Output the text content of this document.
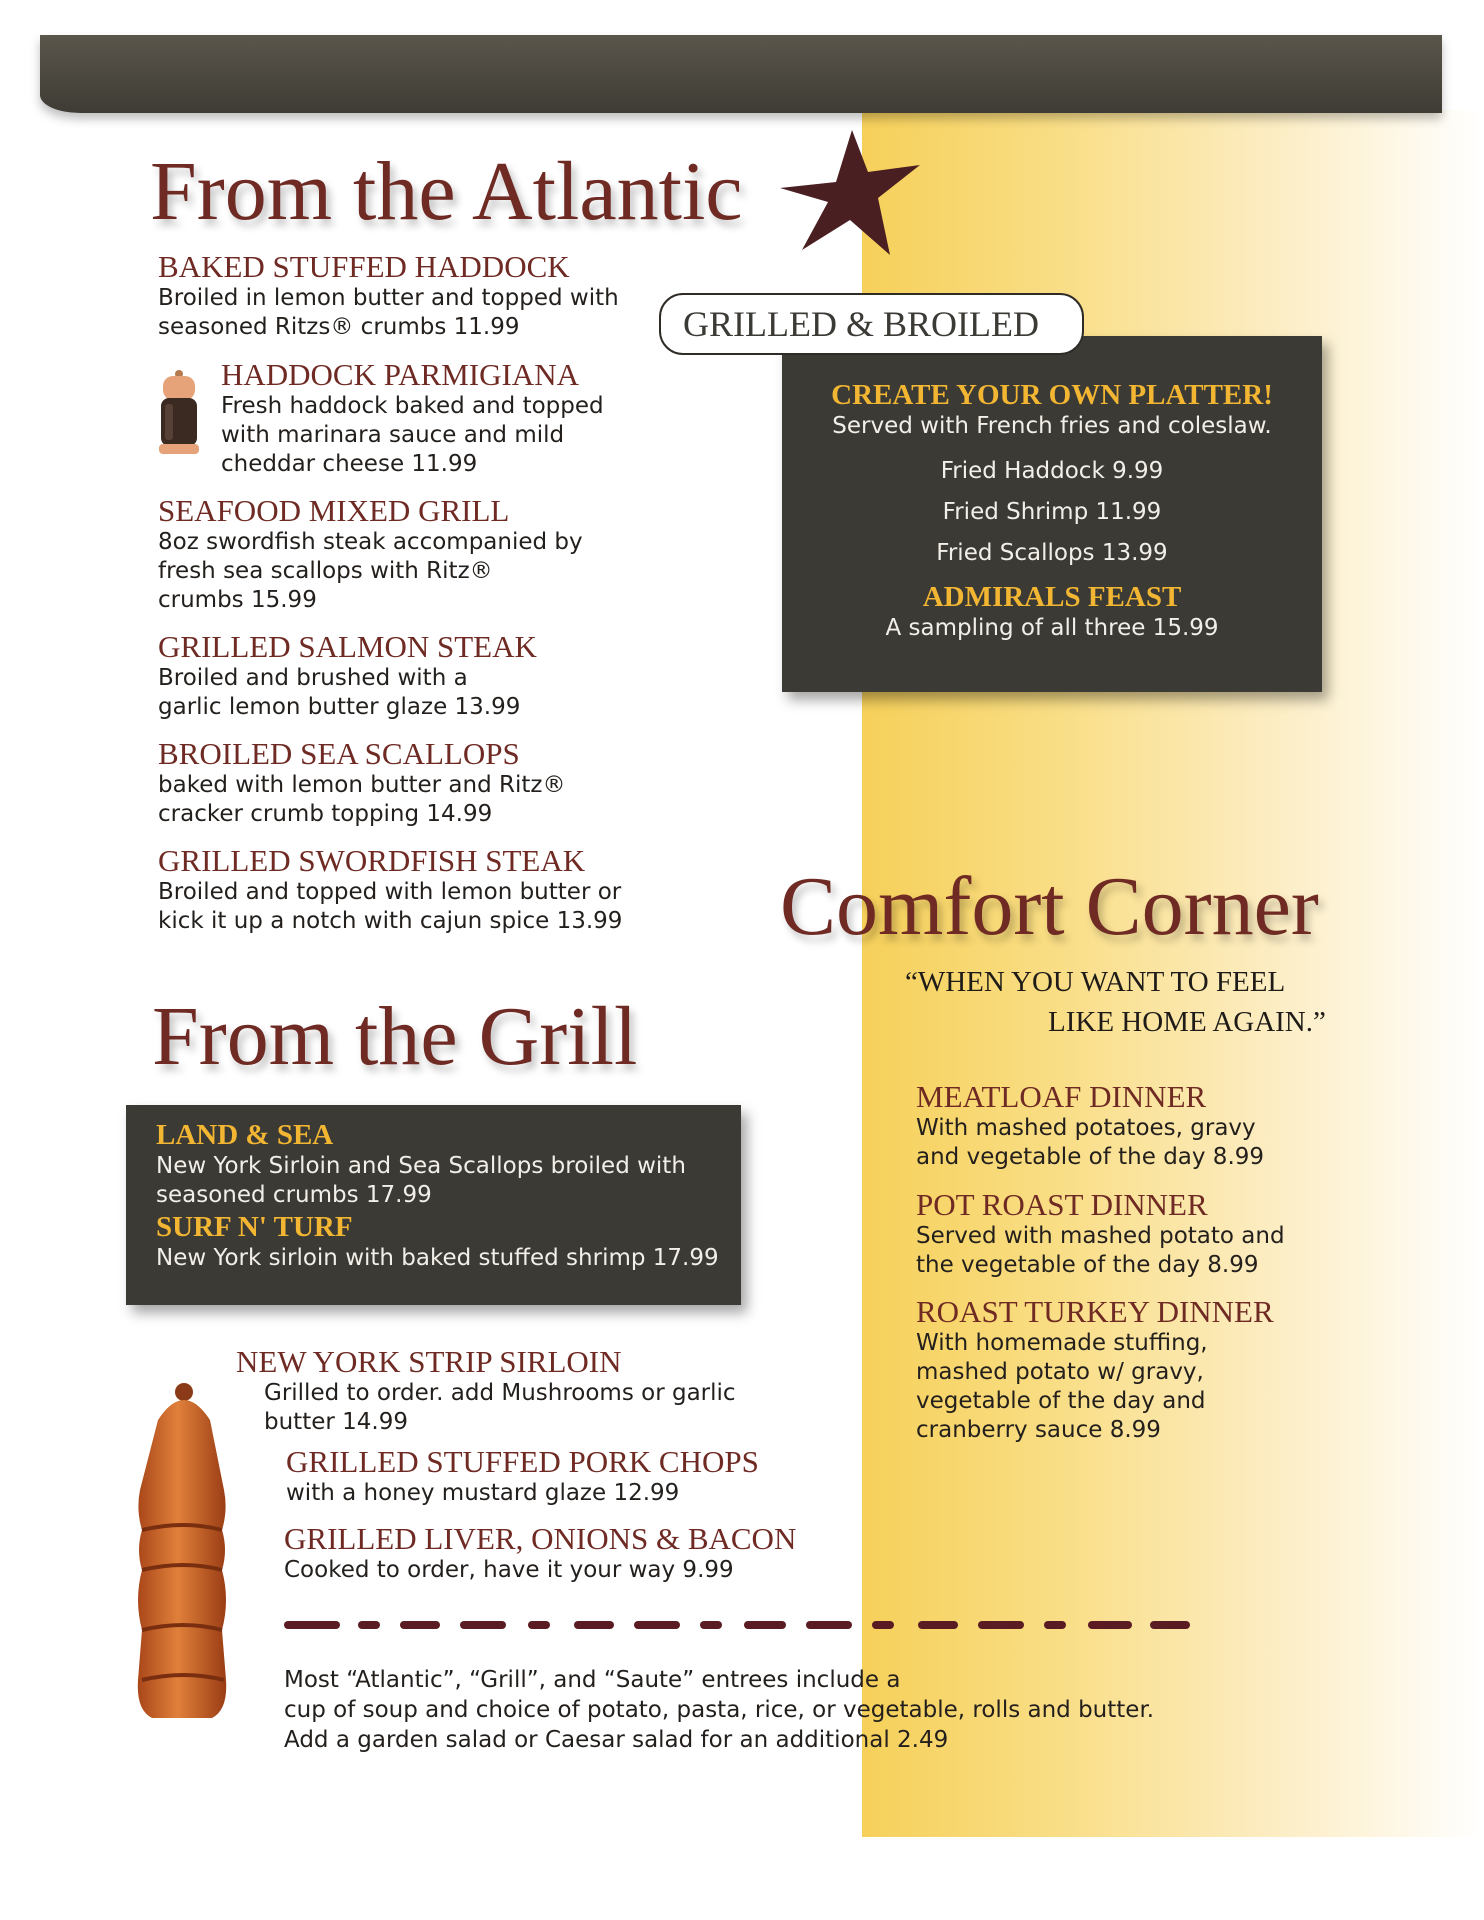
From the Atlantic
BAKED STUFFED HADDOCK
Broiled in lemon butter and topped with
seasoned Ritzs® crumbs 11.99
HADDOCK PARMIGIANA
Fresh haddock baked and topped
with marinara sauce and mild
cheddar cheese 11.99
SEAFOOD MIXED GRILL
8oz swordfish steak accompanied by
fresh sea scallops with Ritz®
crumbs 15.99
GRILLED SALMON STEAK
Broiled and brushed with a
garlic lemon butter glaze 13.99
BROILED SEA SCALLOPS
baked with lemon butter and Ritz®
cracker crumb topping 14.99
GRILLED SWORDFISH STEAK
Broiled and topped with lemon butter or
kick it up a notch with cajun spice 13.99
CREATE YOUR OWN PLATTER!
Served with French fries and coleslaw.
Fried Haddock 9.99
Fried Shrimp 11.99
Fried Scallops 13.99
ADMIRALS FEAST
A sampling of all three 15.99
GRILLED & BROILED
From the Grill
LAND & SEA
New York Sirloin and Sea Scallops broiled with
seasoned crumbs 17.99
SURF N' TURF
New York sirloin with baked stuffed shrimp 17.99
NEW YORK STRIP SIRLOIN
Grilled to order. add Mushrooms or garlic
butter 14.99
GRILLED STUFFED PORK CHOPS
with a honey mustard glaze 12.99
GRILLED LIVER, ONIONS & BACON
Cooked to order, have it your way 9.99
Comfort Corner
“WHEN YOU WANT TO FEEL
LIKE HOME AGAIN.”
MEATLOAF DINNER
With mashed potatoes, gravy
and vegetable of the day 8.99
POT ROAST DINNER
Served with mashed potato and
the vegetable of the day 8.99
ROAST TURKEY DINNER
With homemade stuffing,
mashed potato w/ gravy,
vegetable of the day and
cranberry sauce 8.99
Most “Atlantic”, “Grill”, and “Saute” entrees include a
cup of soup and choice of potato, pasta, rice, or vegetable, rolls and butter.
Add a garden salad or Caesar salad for an additional 2.49
